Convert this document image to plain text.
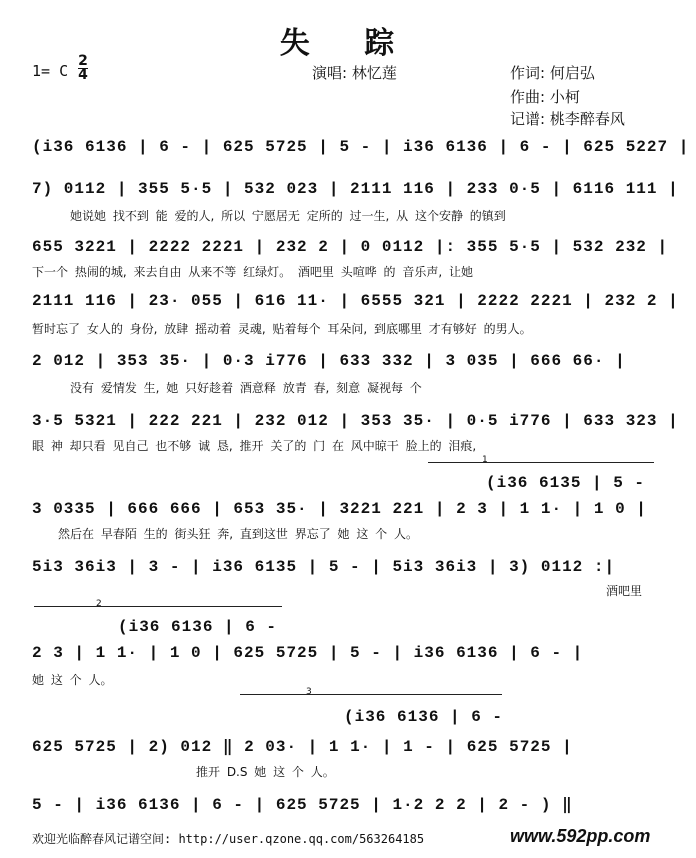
失 踪
1= C
2
4	演唱: 林忆莲	作词: 何启弘
作曲: 小柯
记谱: 桃李醉春风
(i36 6136 | 6 - | 625 5725 | 5 - | i36 6136 | 6 - | 625 5227 |
7) 0112 | 355 5·5 | 532 023 | 2111 116 | 233 0·5 | 6116 111 |
她说她 找不到 能 爱的人, 所以 宁愿居无 定所的 过一生, 从 这个安静 的镇到
655 3221 | 2222 2221 | 232 2 | 0 0112 |: 355 5·5 | 532 232 |
下一个 热闹的城, 来去自由 从来不等 红绿灯。 酒吧里 头喧哗 的 音乐声, 让她
2111 116 | 23· 055 | 616 11· | 6555 321 | 2222 2221 | 232 2 |
暂时忘了 女人的 身份, 放肆 摇动着 灵魂, 贴着每个 耳朵问, 到底哪里 才有够好 的男人。
2 012 | 353 35· | 0·3 i776 | 633 332 | 3 035 | 666 66· |
没有 爱情发 生, 她 只好趁着 酒意释 放青 春, 刻意 凝视每 个
3·5 5321 | 222 221 | 232 012 | 353 35· | 0·5 i776 | 633 323 |
眼 神 却只看 见自己 也不够 诚 恳, 推开 关了的 门 在 风中晾干 脸上的 泪痕,
1
(i36 6135 | 5 -
3 0335 | 666 666 | 653 35· | 3221 221 | 2 3 | 1 1· | 1 0 |
然后在 早春陌 生的 街头狂 奔, 直到这世 界忘了 她 这 个 人。
5i3 36i3 | 3 - | i36 6135 | 5 - | 5i3 36i3 | 3) 0112 :|
酒吧里
2
(i36 6136 | 6 -
2 3 | 1 1· | 1 0 | 625 5725 | 5 - | i36 6136 | 6 - |
她 这 个 人。
3
(i36 6136 | 6 -
625 5725 | 2) 012 ‖ 2 03· | 1 1· | 1 - | 625 5725 |
推开 D.S 她 这 个 人。
5 - | i36 6136 | 6 - | 625 5725 | 1·2 2 2 | 2 - ) ‖
欢迎光临醉春风记谱空间: http://user.qzone.qq.com/563264185	www.592pp.com
